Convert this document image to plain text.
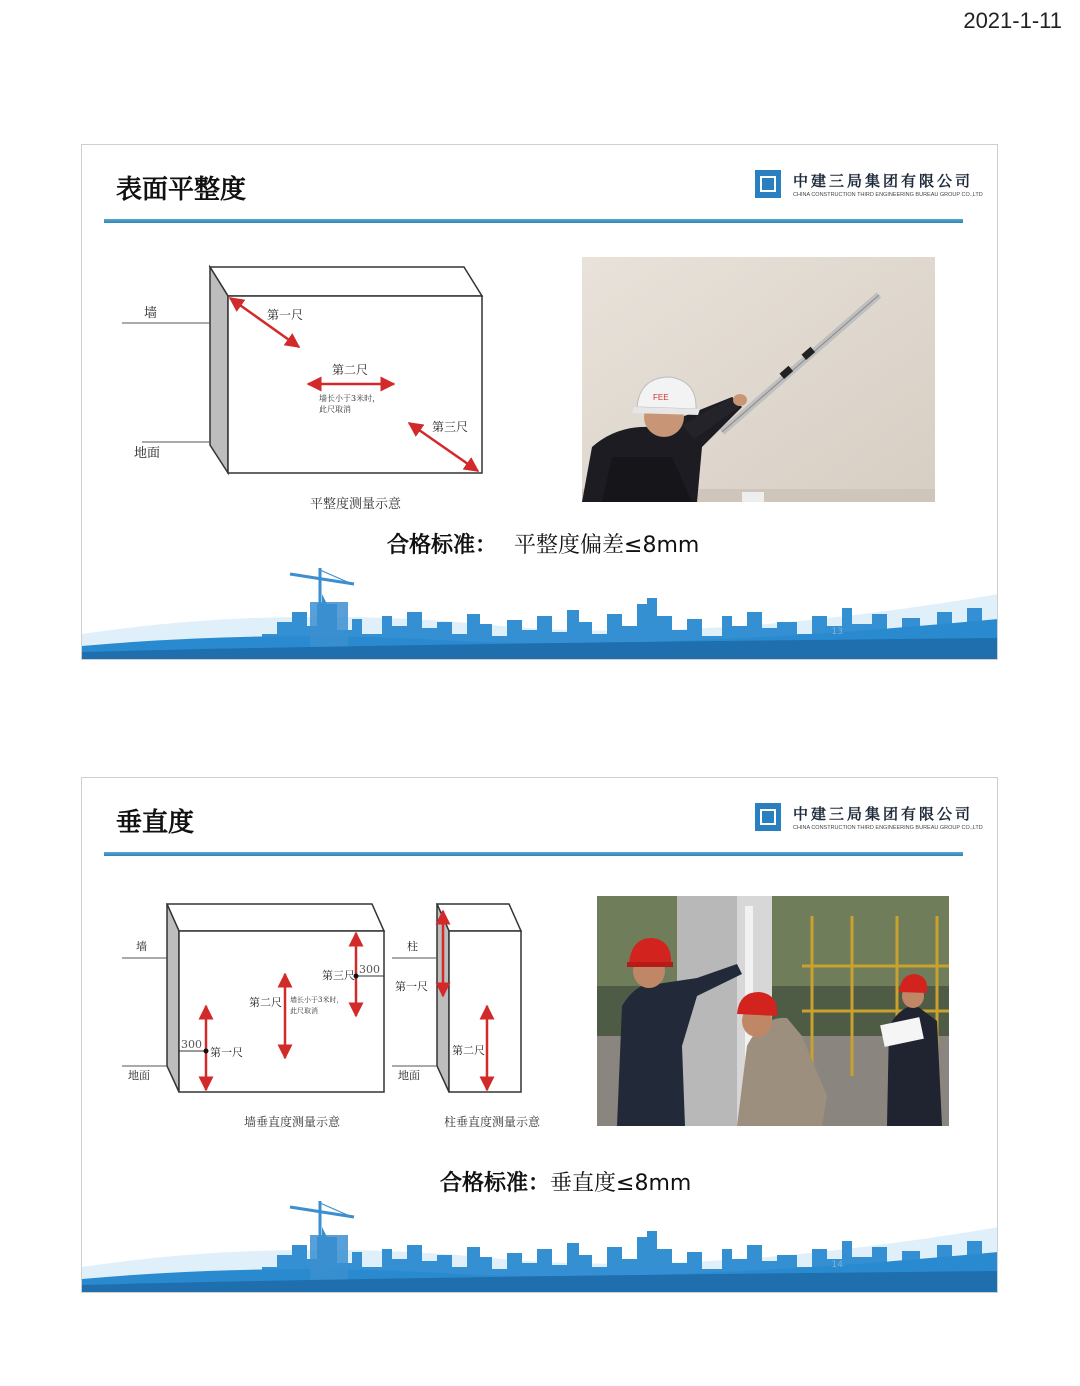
2021-1-11
表面平整度	中建三局集团有限公司
CHINA CONSTRUCTION THIRD ENGINEERING BUREAU GROUP CO.,LTD
墙
地面
第一尺
第二尺
墙长小于3米时，
此尺取消
第三尺
平整度测量示意
FEE
合格标准： 平整度偏差≤8mm
13
垂直度	中建三局集团有限公司
CHINA CONSTRUCTION THIRD ENGINEERING BUREAU GROUP CO.,LTD
墙
地面
300
第一尺
第二尺 墙长小于3米时，
此尺取消
第三尺 300
墙垂直度测量示意
柱
地面
第一尺
第二尺
柱垂直度测量示意
合格标准：垂直度≤8mm
14
